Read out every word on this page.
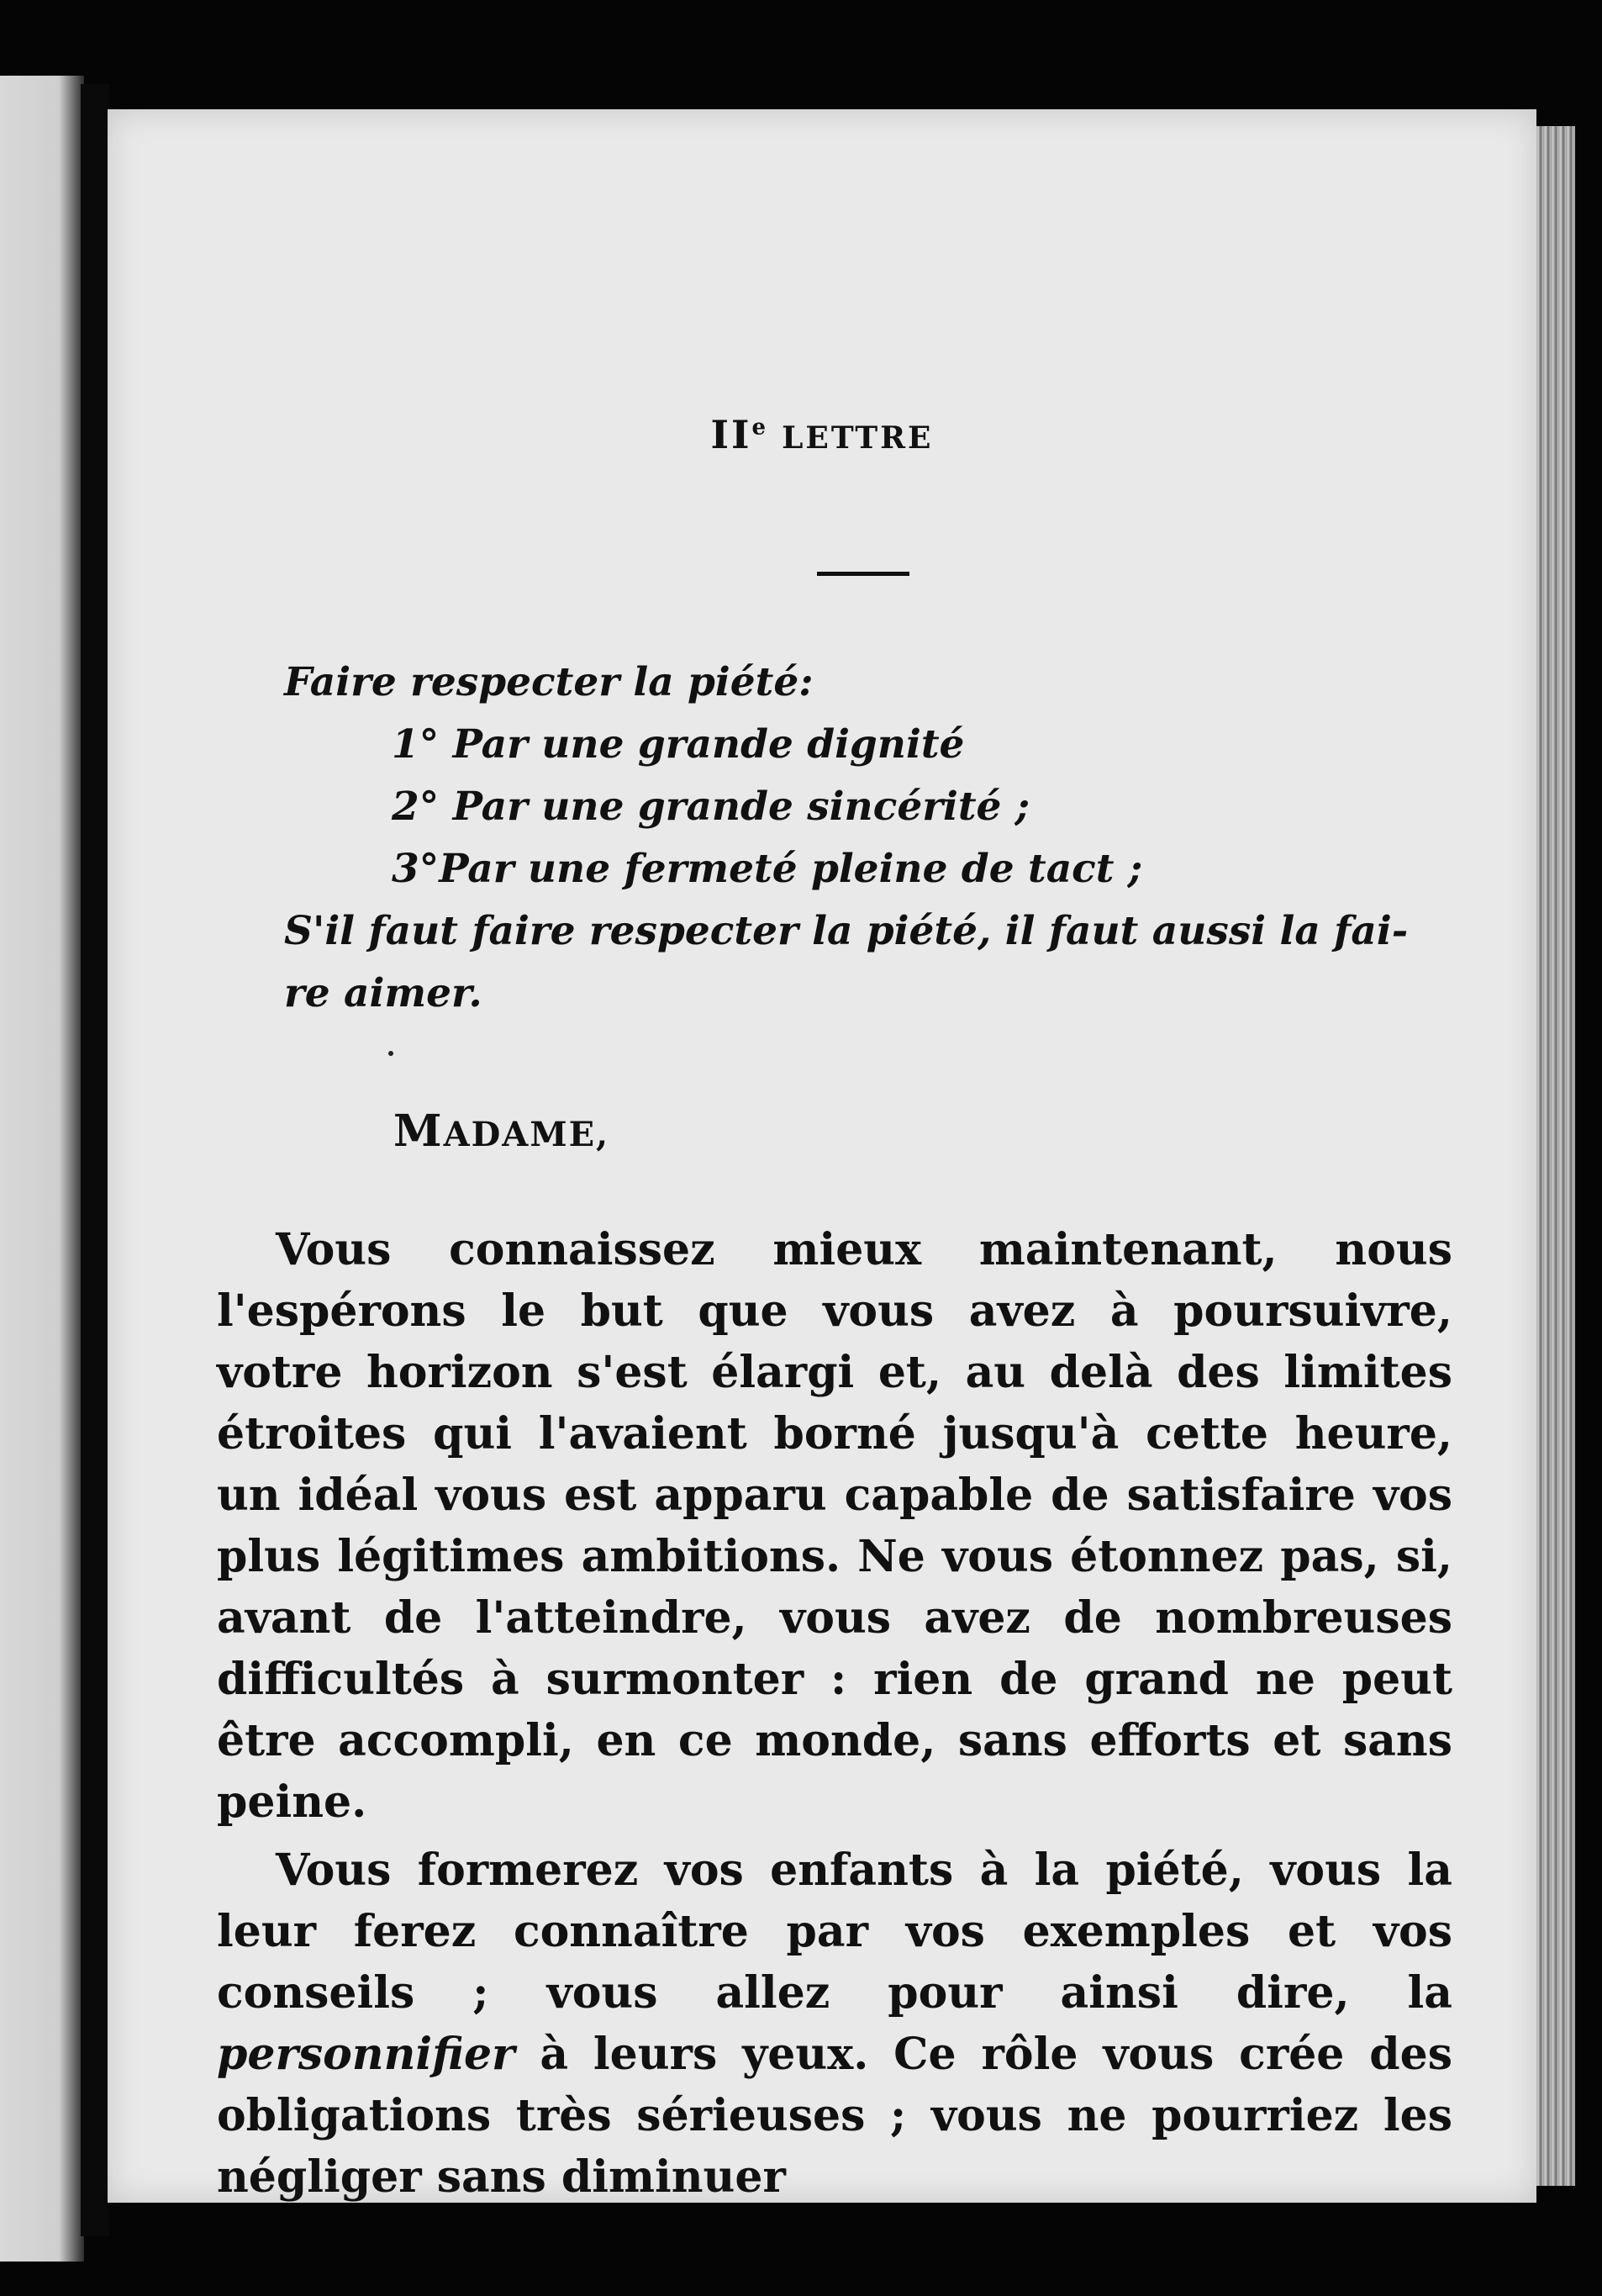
IIe LETTRE
Faire respecter la piété:
1° Par une grande dignité
2° Par une grande sincérité ;
3°Par une fermeté pleine de tact ;
S'il faut faire respecter la piété, il faut aussi la fai-
re aimer.
MADAME,

Vous connaissez mieux maintenant, nous l'espérons le but que vous avez à poursuivre, votre horizon s'est élargi et, au delà des limites étroites qui l'avaient borné jusqu'à cette heure, un idéal vous est apparu capable de satisfaire vos plus légitimes ambitions. Ne vous étonnez pas, si, avant de l'atteindre, vous avez de nombreuses difficultés à surmonter : rien de grand ne peut être accompli, en ce monde, sans efforts et sans peine.

Vous formerez vos enfants à la piété, vous la leur ferez connaître par vos exemples et vos conseils ; vous allez pour ainsi dire, la personnifier à leurs yeux. Ce rôle vous crée des obligations très sérieuses ; vous ne pourriez les négliger sans diminuer
